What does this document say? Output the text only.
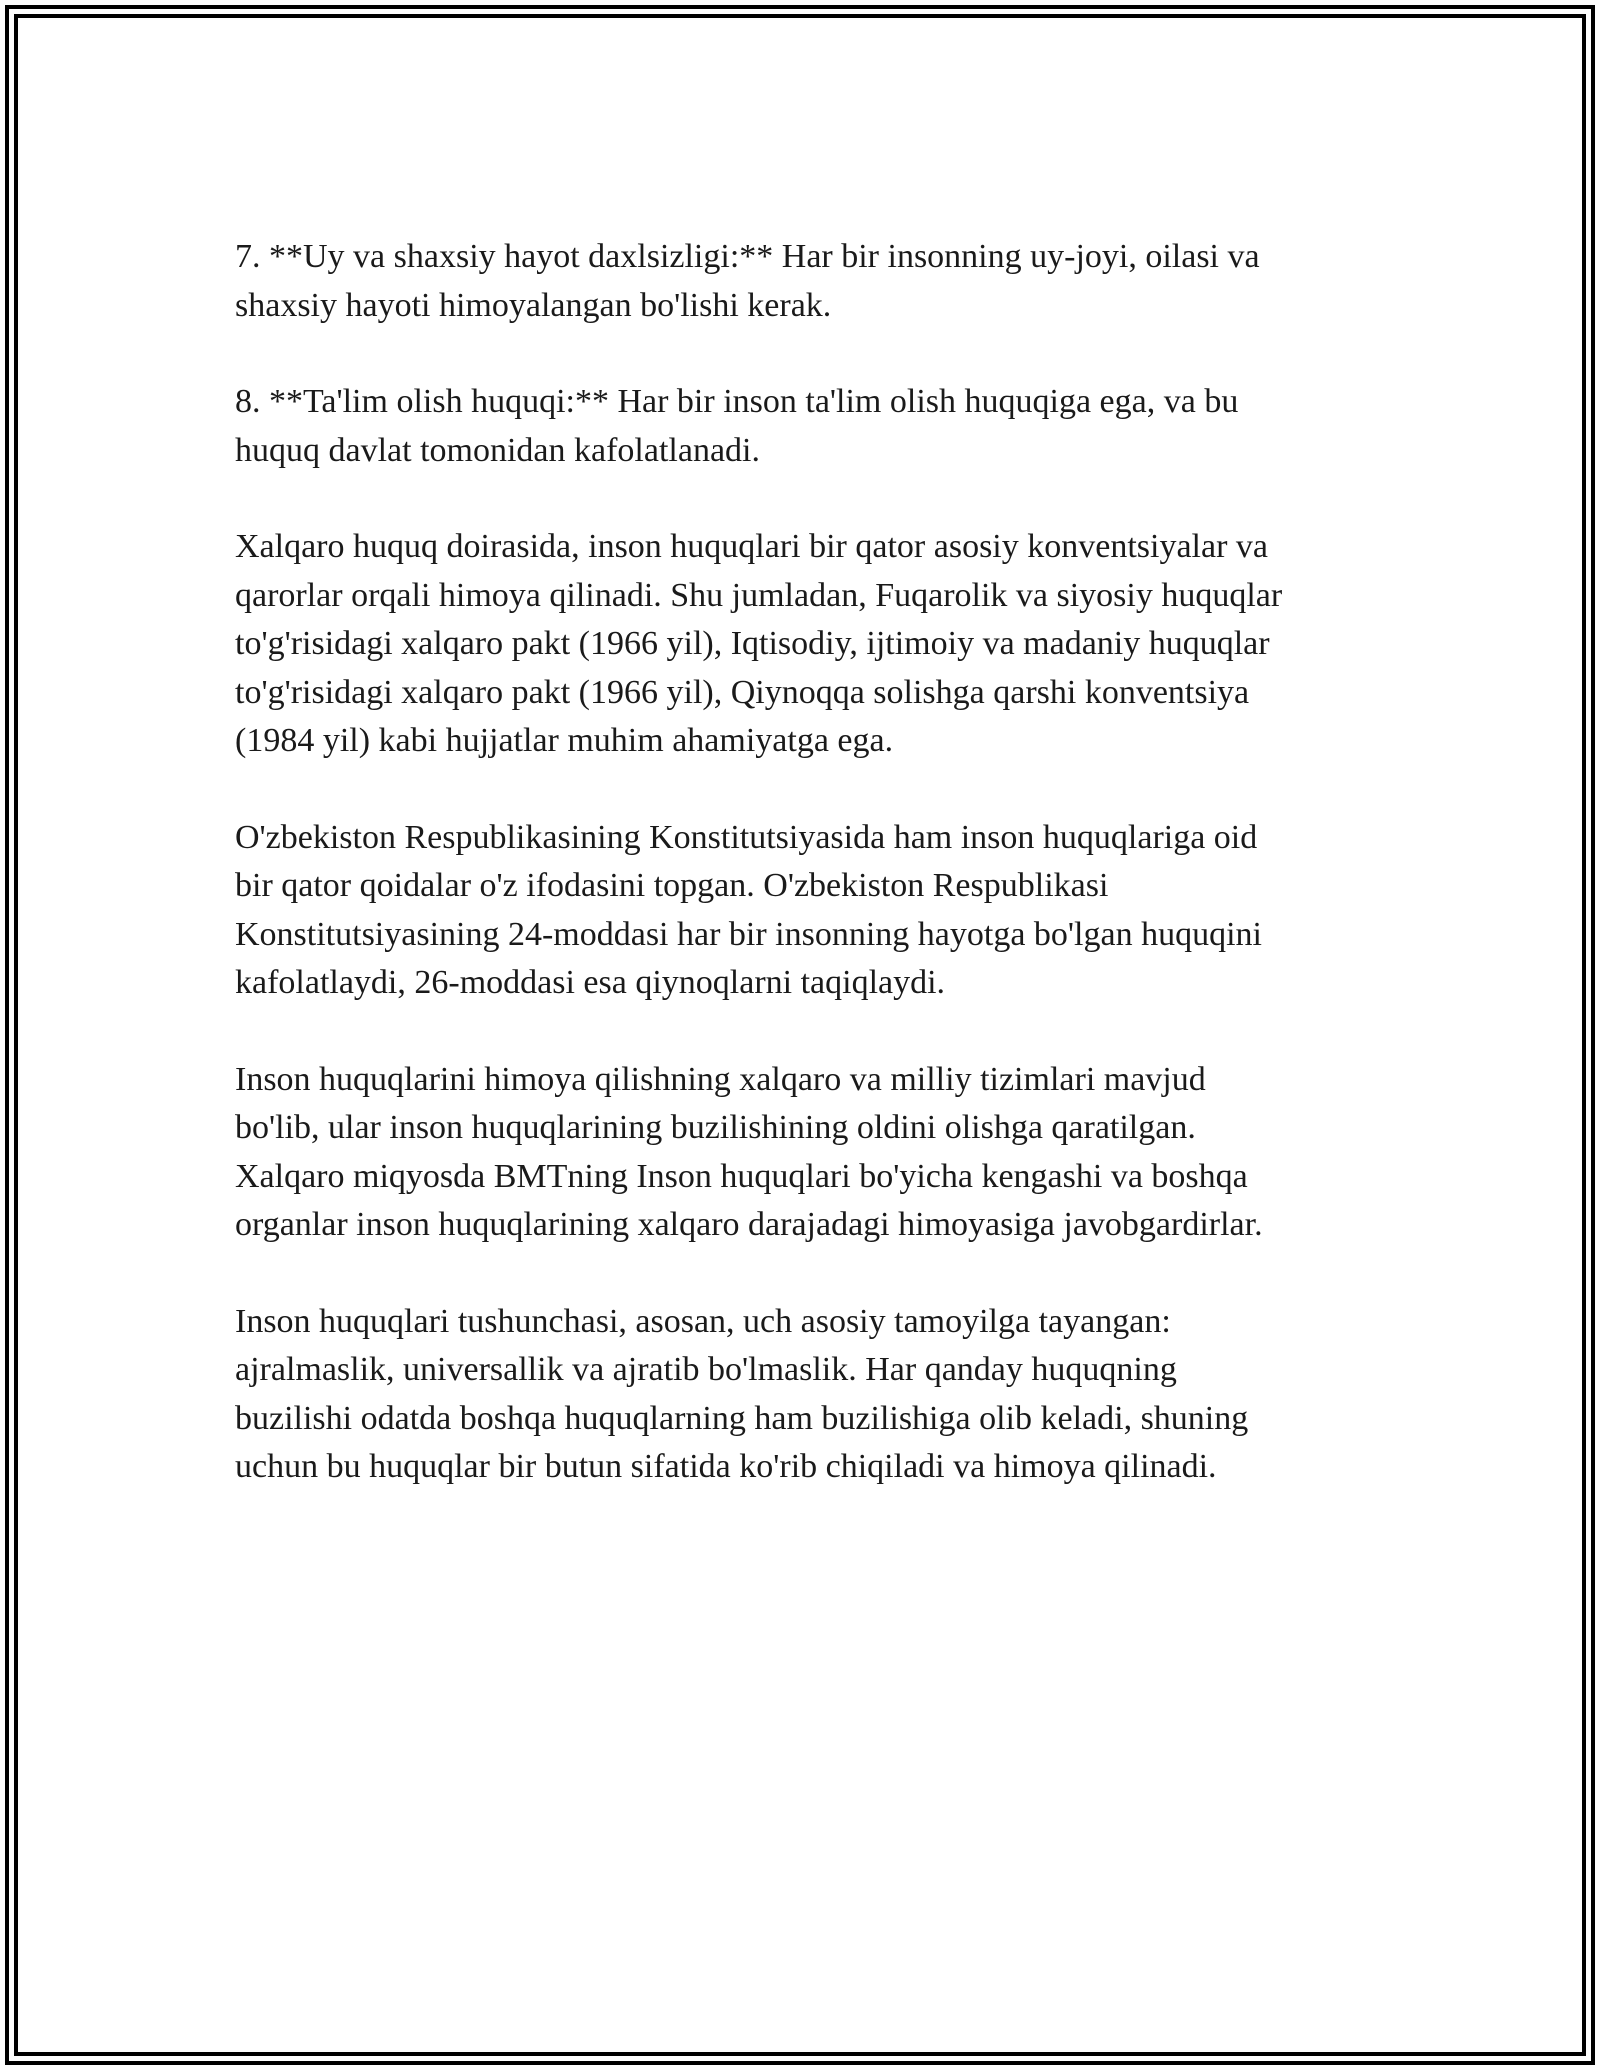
7. **Uy va shaxsiy hayot daxlsizligi:** Har bir insonning uy-joyi, oilasi va
shaxsiy hayoti himoyalangan bo'lishi kerak.

8. **Ta'lim olish huquqi:** Har bir inson ta'lim olish huquqiga ega, va bu
huquq davlat tomonidan kafolatlanadi.

Xalqaro huquq doirasida, inson huquqlari bir qator asosiy konventsiyalar va
qarorlar orqali himoya qilinadi. Shu jumladan, Fuqarolik va siyosiy huquqlar
to'g'risidagi xalqaro pakt (1966 yil), Iqtisodiy, ijtimoiy va madaniy huquqlar
to'g'risidagi xalqaro pakt (1966 yil), Qiynoqqa solishga qarshi konventsiya
(1984 yil) kabi hujjatlar muhim ahamiyatga ega.

O'zbekiston Respublikasining Konstitutsiyasida ham inson huquqlariga oid
bir qator qoidalar o'z ifodasini topgan. O'zbekiston Respublikasi
Konstitutsiyasining 24-moddasi har bir insonning hayotga bo'lgan huquqini
kafolatlaydi, 26-moddasi esa qiynoqlarni taqiqlaydi.

Inson huquqlarini himoya qilishning xalqaro va milliy tizimlari mavjud
bo'lib, ular inson huquqlarining buzilishining oldini olishga qaratilgan.
Xalqaro miqyosda BMTning Inson huquqlari bo'yicha kengashi va boshqa
organlar inson huquqlarining xalqaro darajadagi himoyasiga javobgardirlar.

Inson huquqlari tushunchasi, asosan, uch asosiy tamoyilga tayangan:
ajralmaslik, universallik va ajratib bo'lmaslik. Har qanday huquqning
buzilishi odatda boshqa huquqlarning ham buzilishiga olib keladi, shuning
uchun bu huquqlar bir butun sifatida ko'rib chiqiladi va himoya qilinadi.
